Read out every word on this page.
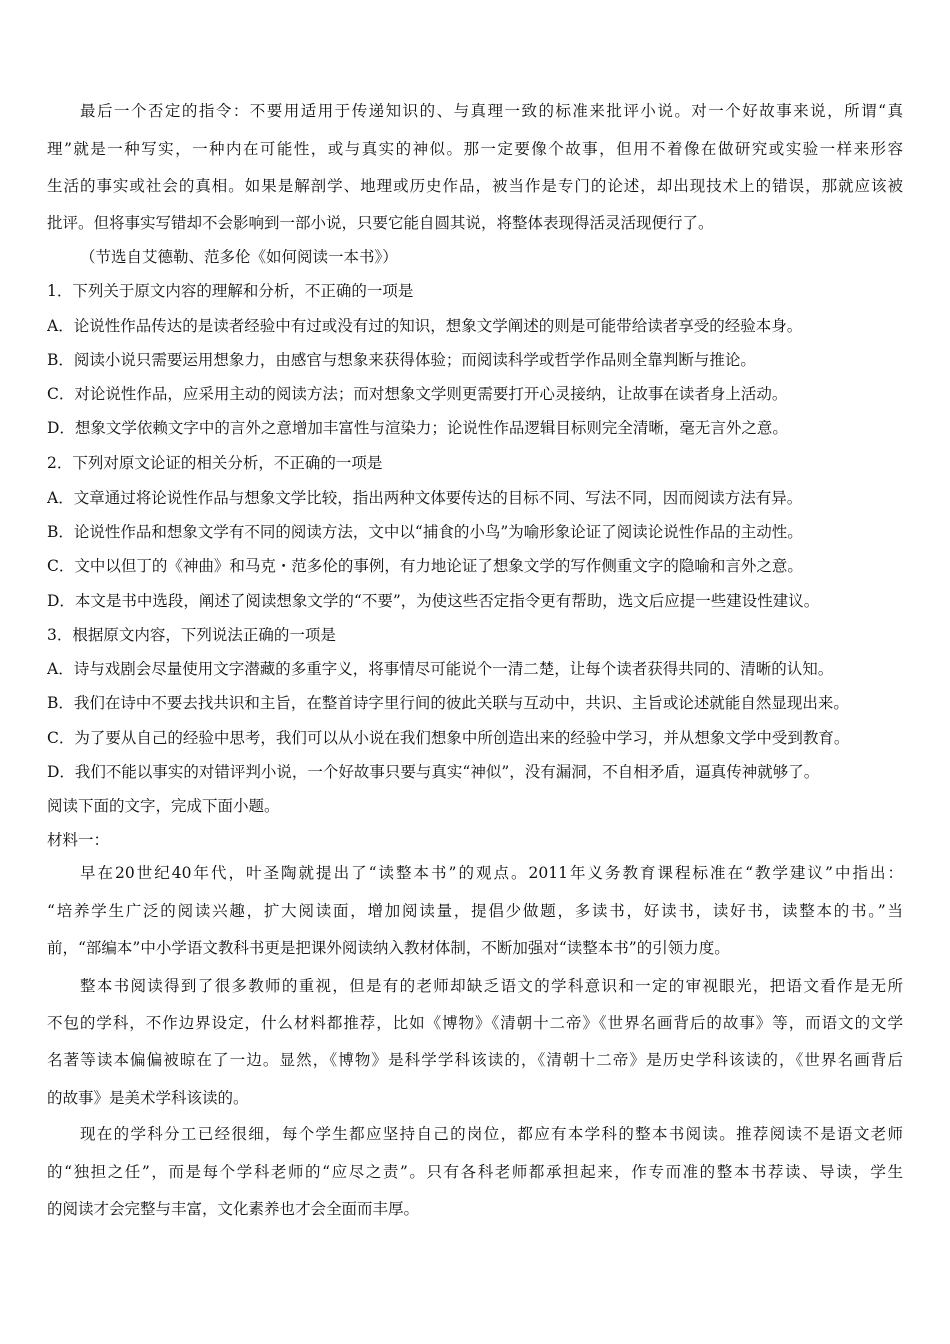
最后一个否定的指令：不要用适用于传递知识的、与真理一致的标准来批评小说。对一个好故事来说，所谓“真
理”就是一种写实，一种内在可能性，或与真实的神似。那一定要像个故事，但用不着像在做研究或实验一样来形容
生活的事实或社会的真相。如果是解剖学、地理或历史作品，被当作是专门的论述，却出现技术上的错误，那就应该被
批评。但将事实写错却不会影响到一部小说，只要它能自圆其说，将整体表现得活灵活现便行了。
（节选自艾德勒、范多伦《如何阅读一本书》）
1．下列关于原文内容的理解和分析，不正确的一项是
A．论说性作品传达的是读者经验中有过或没有过的知识，想象文学阐述的则是可能带给读者享受的经验本身。
B．阅读小说只需要运用想象力，由感官与想象来获得体验；而阅读科学或哲学作品则全靠判断与推论。
C．对论说性作品，应采用主动的阅读方法；而对想象文学则更需要打开心灵接纳，让故事在读者身上活动。
D．想象文学依赖文字中的言外之意增加丰富性与渲染力；论说性作品逻辑目标则完全清晰，毫无言外之意。
2．下列对原文论证的相关分析，不正确的一项是
A．文章通过将论说性作品与想象文学比较，指出两种文体要传达的目标不同、写法不同，因而阅读方法有异。
B．论说性作品和想象文学有不同的阅读方法，文中以“捕食的小鸟”为喻形象论证了阅读论说性作品的主动性。
C．文中以但丁的《神曲》和马克・范多伦的事例，有力地论证了想象文学的写作侧重文字的隐喻和言外之意。
D．本文是书中选段，阐述了阅读想象文学的“不要”，为使这些否定指令更有帮助，选文后应提一些建设性建议。
3．根据原文内容，下列说法正确的一项是
A．诗与戏剧会尽量使用文字潜藏的多重字义，将事情尽可能说个一清二楚，让每个读者获得共同的、清晰的认知。
B．我们在诗中不要去找共识和主旨，在整首诗字里行间的彼此关联与互动中，共识、主旨或论述就能自然显现出来。
C．为了要从自己的经验中思考，我们可以从小说在我们想象中所创造出来的经验中学习，并从想象文学中受到教育。
D．我们不能以事实的对错评判小说，一个好故事只要与真实“神似”，没有漏洞，不自相矛盾，逼真传神就够了。
阅读下面的文字，完成下面小题。
材料一：
早在20世纪40年代，叶圣陶就提出了“读整本书”的观点。2011年义务教育课程标准在“教学建议”中指出：
“培养学生广泛的阅读兴趣，扩大阅读面，增加阅读量，提倡少做题，多读书，好读书，读好书，读整本的书。”当
前，“部编本”中小学语文教科书更是把课外阅读纳入教材体制，不断加强对“读整本书”的引领力度。
整本书阅读得到了很多教师的重视，但是有的老师却缺乏语文的学科意识和一定的审视眼光，把语文看作是无所
不包的学科，不作边界设定，什么材料都推荐，比如《博物》《清朝十二帝》《世界名画背后的故事》等，而语文的文学
名著等读本偏偏被晾在了一边。显然，《博物》是科学学科该读的，《清朝十二帝》是历史学科该读的，《世界名画背后
的故事》是美术学科该读的。
现在的学科分工已经很细，每个学生都应坚持自己的岗位，都应有本学科的整本书阅读。推荐阅读不是语文老师
的“独担之任”，而是每个学科老师的“应尽之责”。只有各科老师都承担起来，作专而准的整本书荐读、导读，学生
的阅读才会完整与丰富，文化素养也才会全面而丰厚。
